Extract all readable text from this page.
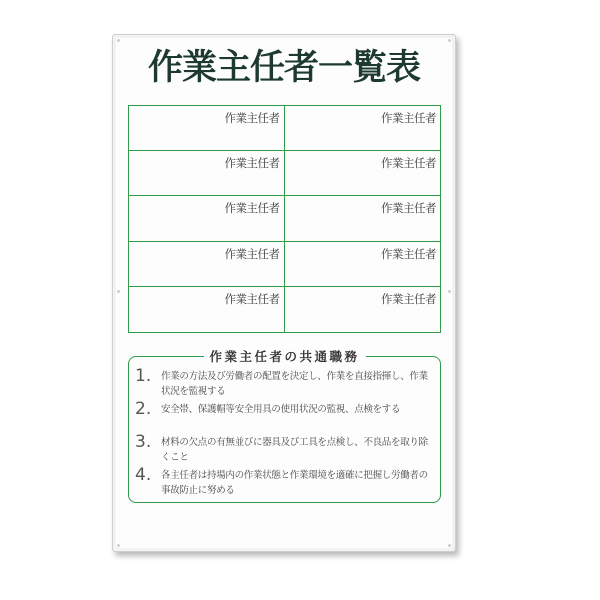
作業主任者一覧表
作業主任者	作業主任者
作業主任者	作業主任者
作業主任者	作業主任者
作業主任者	作業主任者
作業主任者	作業主任者
作業主任者の共通職務
1. 作業の方法及び労働者の配置を決定し、作業を直接指揮し、作業状況を監視する
2. 安全帯、保護帽等安全用具の使用状況の監視、点検をする
3. 材料の欠点の有無並びに器具及び工具を点検し、不良品を取り除くこと
4. 各主任者は持場内の作業状態と作業環境を適確に把握し労働者の事故防止に努める
